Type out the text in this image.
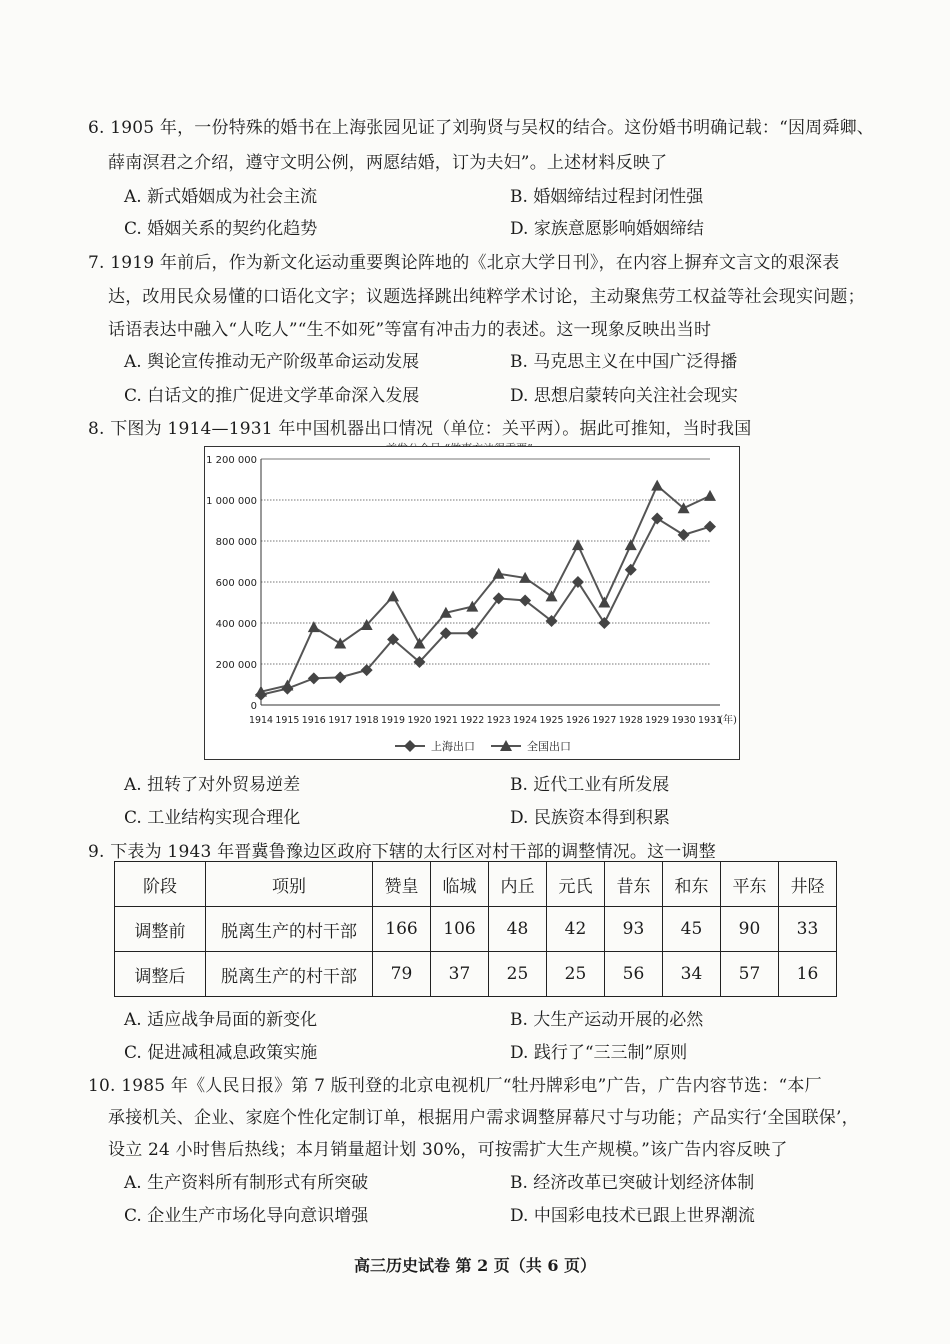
6. 1905 年，一份特殊的婚书在上海张园见证了刘驹贤与吴权的结合。这份婚书明确记载：“因周舜卿、
薛南溟君之介绍，遵守文明公例，两愿结婚，订为夫妇”。上述材料反映了
A. 新式婚姻成为社会主流	B. 婚姻缔结过程封闭性强
C. 婚姻关系的契约化趋势	D. 家族意愿影响婚姻缔结
7. 1919 年前后，作为新文化运动重要舆论阵地的《北京大学日刊》，在内容上摒弃文言文的艰深表
达，改用民众易懂的口语化文字；议题选择跳出纯粹学术讨论，主动聚焦劳工权益等社会现实问题；
话语表达中融入“人吃人”“生不如死”等富有冲击力的表述。这一现象反映出当时
A. 舆论宣传推动无产阶级革命运动发展	B. 马克思主义在中国广泛得播
C. 白话文的推广促进文学革命深入发展	D. 思想启蒙转向关注社会现实
8. 下图为 1914—1931 年中国机器出口情况（单位：关平两）。据此可推知，当时我国
0
200 000
400 000
600 000
800 000
1 000 000
1 200 000
1914 1915 1916 1917 1918 1919 1920 1921 1922 1923 1924 1925 1926 1927 1928 1929 1930 1931
(年)
上海出口	全国出口
A. 扭转了对外贸易逆差	B. 近代工业有所发展
C. 工业结构实现合理化	D. 民族资本得到积累
9. 下表为 1943 年晋冀鲁豫边区政府下辖的太行区对村干部的调整情况。这一调整
阶段	项别	赞皇	临城	内丘	元氏	昔东	和东	平东	井陉
调整前	脱离生产的村干部	166	106	48	42	93	45	90	33
调整后	脱离生产的村干部	79	37	25	25	56	34	57	16
A. 适应战争局面的新变化	B. 大生产运动开展的必然
C. 促进减租减息政策实施	D. 践行了“三三制”原则
10. 1985 年《人民日报》第 7 版刊登的北京电视机厂“牡丹牌彩电”广告，广告内容节选：“本厂
承接机关、企业、家庭个性化定制订单，根据用户需求调整屏幕尺寸与功能；产品实行‘全国联保’，
设立 24 小时售后热线；本月销量超计划 30%，可按需扩大生产规模。”该广告内容反映了
A. 生产资料所有制形式有所突破	B. 经济改革已突破计划经济体制
C. 企业生产市场化导向意识增强	D. 中国彩电技术已跟上世界潮流
高三历史试卷 第 2 页（共 6 页）
